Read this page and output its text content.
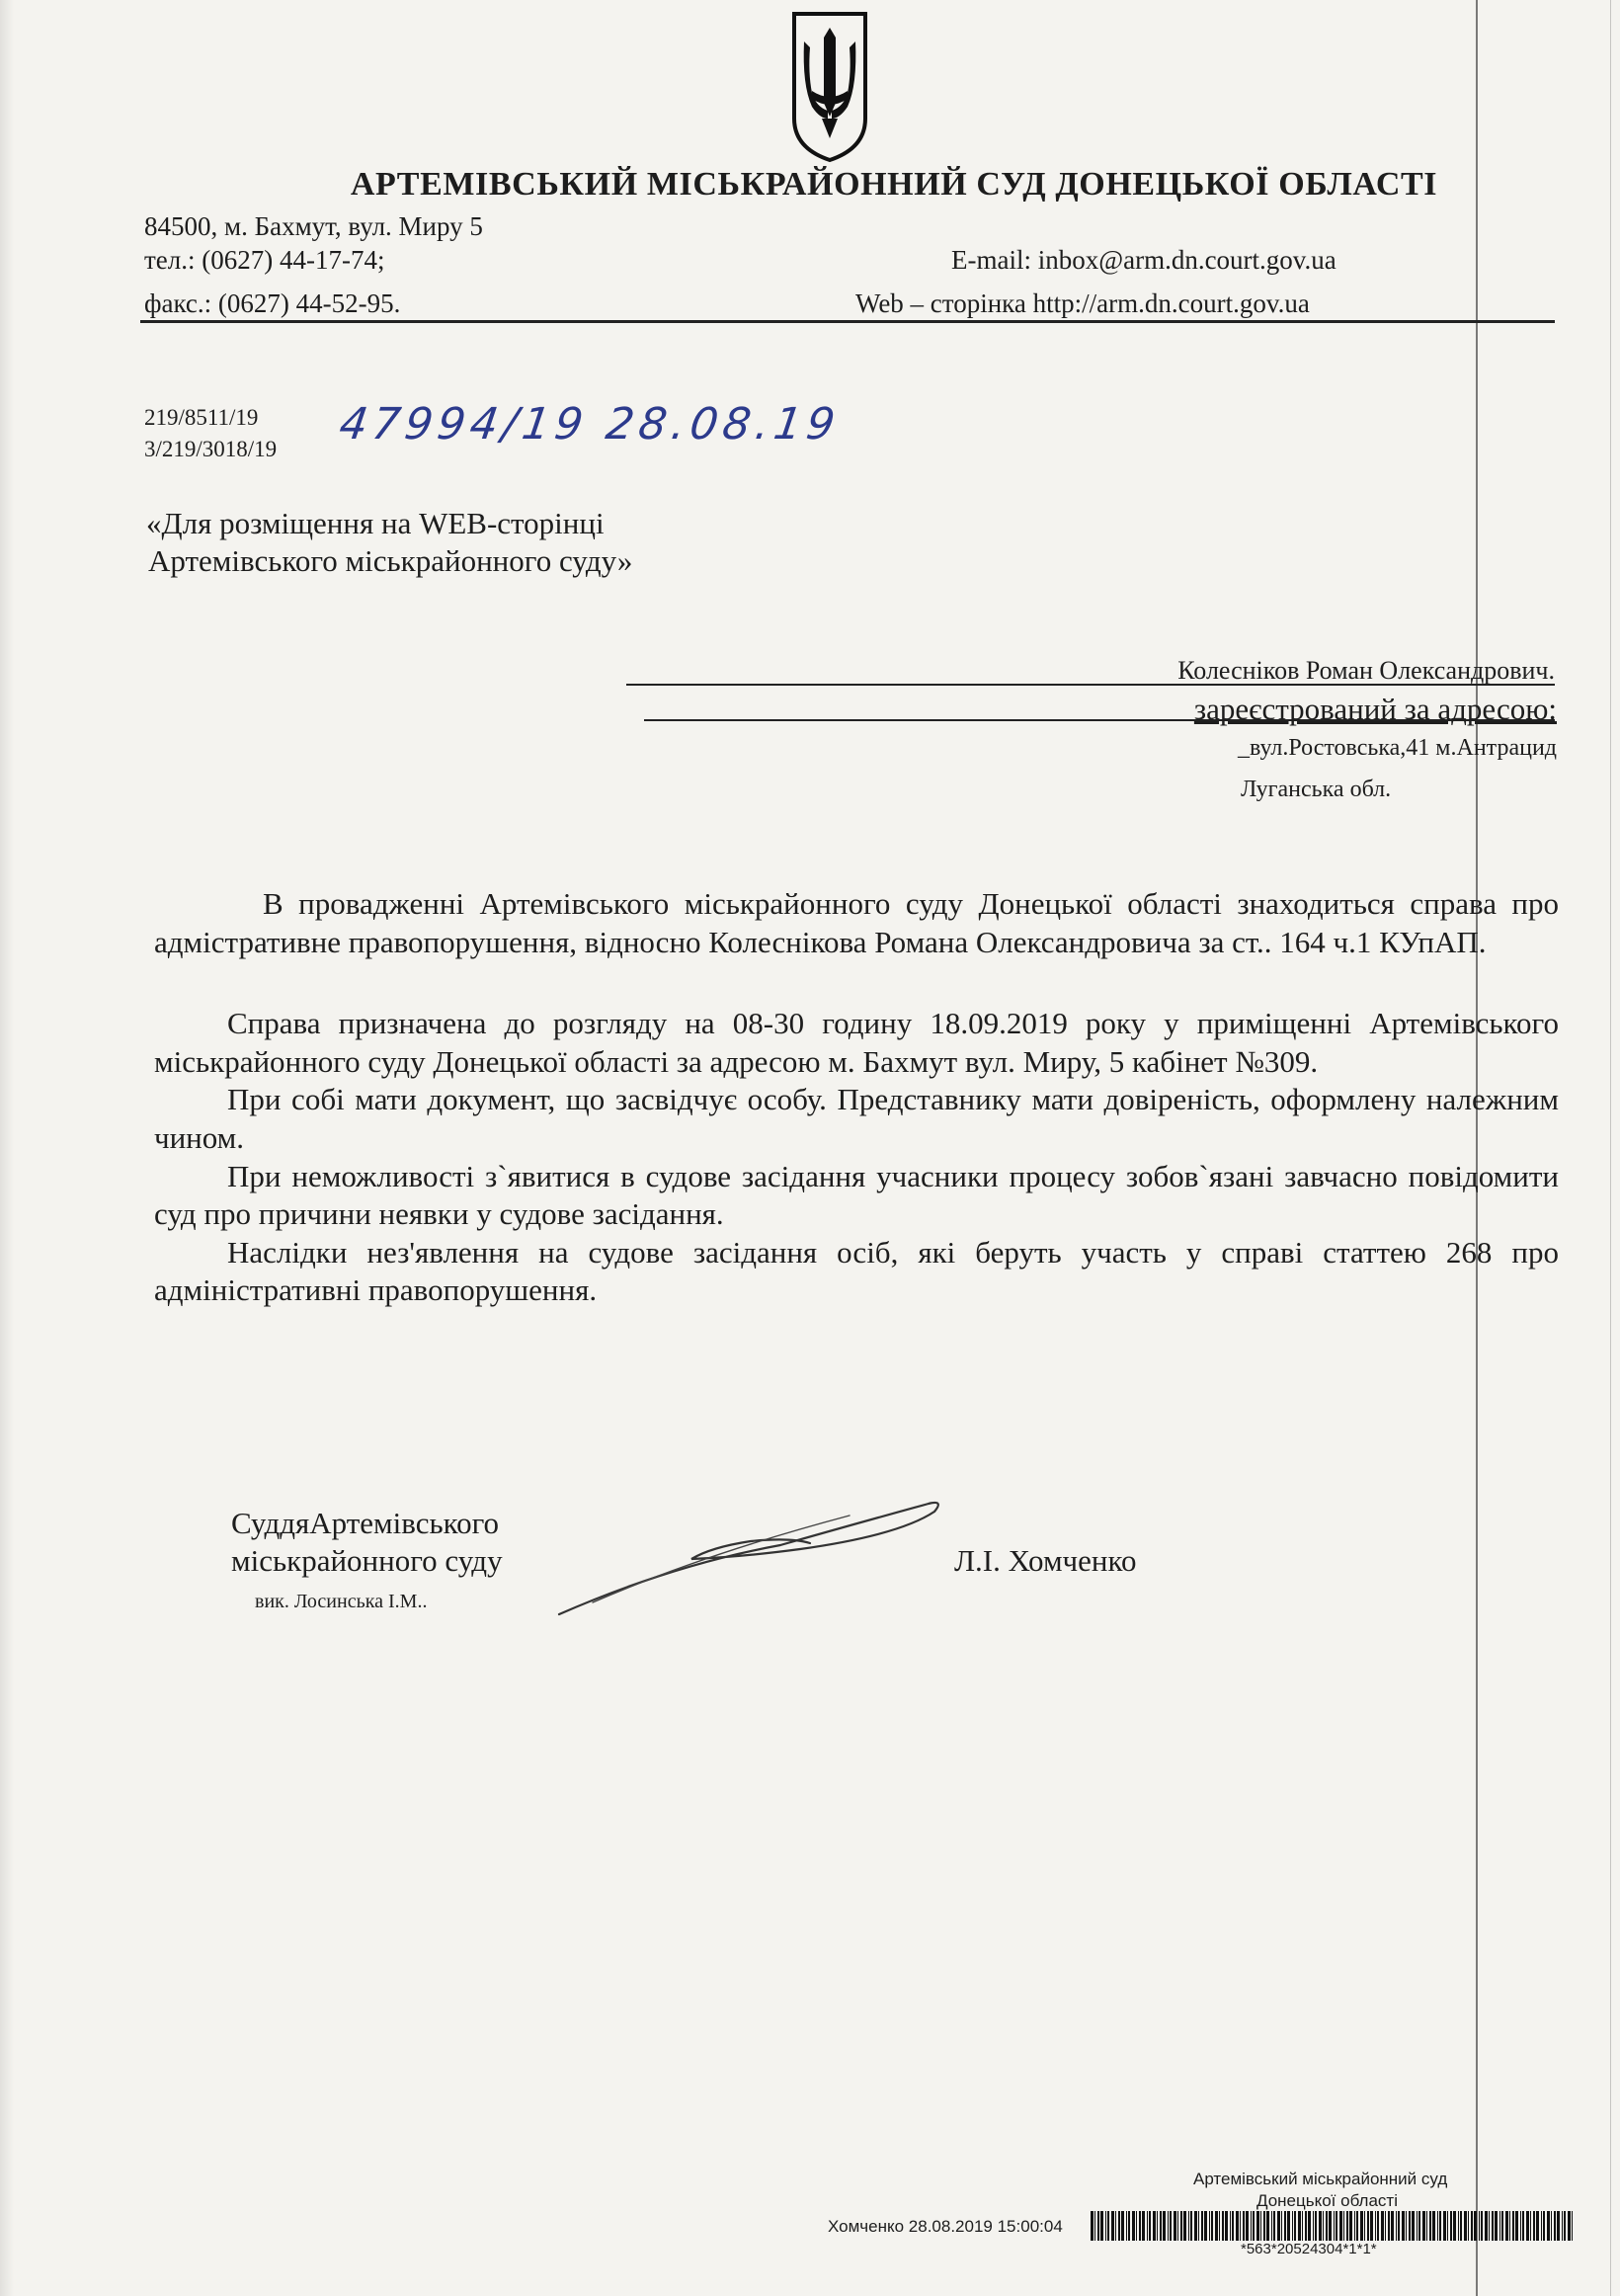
АРТЕМІВСЬКИЙ МІСЬКРАЙОННИЙ СУД ДОНЕЦЬКОЇ ОБЛАСТІ
84500, м. Бахмут, вул. Миру 5
тел.: (0627) 44-17-74;
факс.: (0627) 44-52-95.
E-mail: inbox@arm.dn.court.gov.ua
Web – сторінка http://arm.dn.court.gov.ua
219/8511/19
3/219/3018/19 47994/19 28.08.19
«Для розміщення на WEB-сторінці
Артемівського міськрайонного суду»
Колесніков Роман Олександрович.
зареєстрований за адресою:
_вул.Ростовська,41 м.Антрацид
Луганська обл.

В провадженні Артемівського міськрайонного суду Донецької області знаходиться справа про адмістративне правопорушення, відносно Колеснікова Романа Олександровича за ст.. 164 ч.1 КУпАП.

Справа призначена до розгляду на 08-30 годину 18.09.2019 року у приміщенні Артемівського міськрайонного суду Донецької області за адресою м. Бахмут вул. Миру, 5 кабінет №309.

При собі мати документ, що засвідчує особу. Представнику мати довіреність, оформлену належним чином.

При неможливості з`явитися в судове засідання учасники процесу зобов`язані завчасно повідомити суд про причини неявки у судове засідання.

Наслідки нез'явлення на судове засідання осіб, які беруть участь у справі статтею 268 про адміністративні правопорушення.

СуддяАртемівського
міськрайонного суду
вик. Лосинська І.М..
Л.І. Хомченко
Артемівський міськрайонний суд
Донецької області
Хомченко 28.08.2019 15:00:04
*563*20524304*1*1*
